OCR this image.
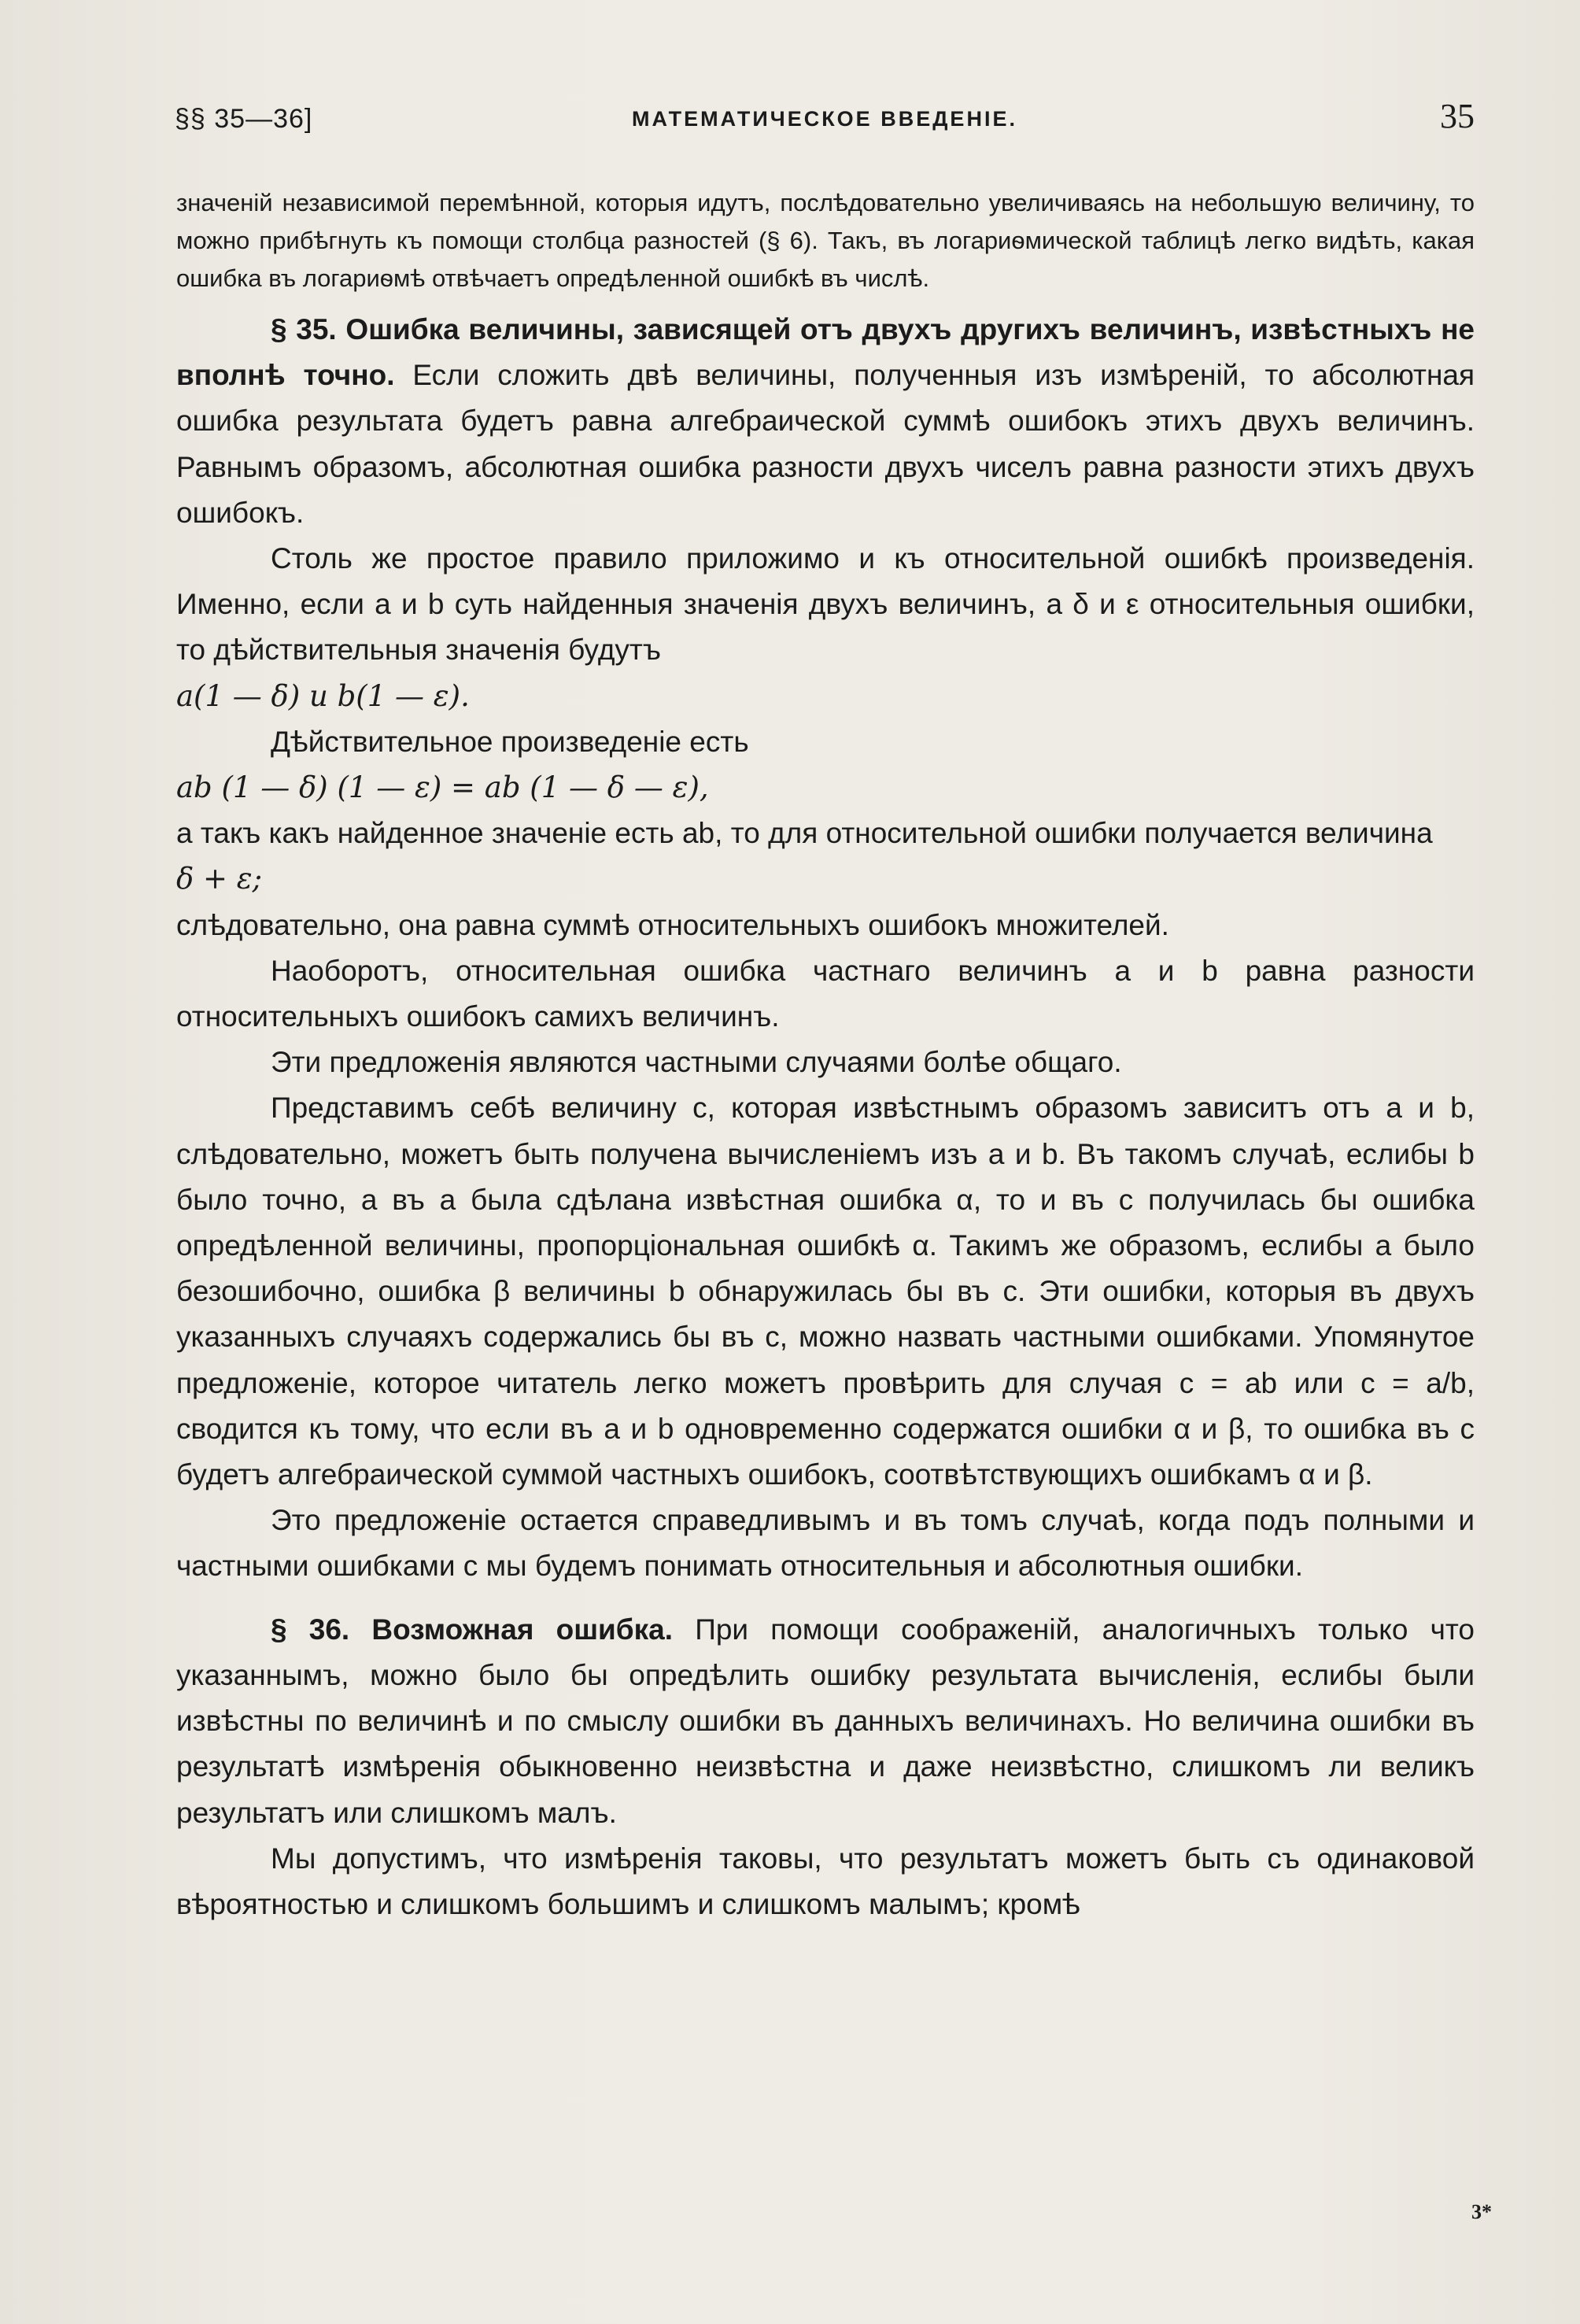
§§ 35—36]	МАТЕМАТИЧЕСКОЕ ВВЕДЕНІЕ.	35

значеній независимой перемѣнной, которыя идутъ, послѣдовательно увеличиваясь на небольшую величину, то можно прибѣгнуть къ помощи столбца разностей (§ 6). Такъ, въ логариѳмической таблицѣ легко видѣть, какая ошибка въ логариѳмѣ отвѣчаетъ опредѣленной ошибкѣ въ числѣ.

§ 35. Ошибка величины, зависящей отъ двухъ другихъ величинъ, извѣстныхъ не вполнѣ точно. Если сложить двѣ величины, полученныя изъ измѣреній, то абсолютная ошибка результата будетъ равна алгебраической суммѣ ошибокъ этихъ двухъ величинъ. Равнымъ образомъ, абсолютная ошибка разности двухъ чиселъ равна разности этихъ двухъ ошибокъ.

Столь же простое правило приложимо и къ относительной ошибкѣ произведенія. Именно, если a и b суть найденныя значенія двухъ величинъ, а δ и ε относительныя ошибки, то дѣйствительныя значенія будутъ

a(1 — δ) и b(1 — ε).

Дѣйствительное произведеніе есть

ab (1 — δ) (1 — ε) = ab (1 — δ — ε),

а такъ какъ найденное значеніе есть ab, то для относительной ошибки получается величина

δ + ε;

слѣдовательно, она равна суммѣ относительныхъ ошибокъ множителей.

Наоборотъ, относительная ошибка частнаго величинъ a и b равна разности относительныхъ ошибокъ самихъ величинъ.

Эти предложенія являются частными случаями болѣе общаго.

Представимъ себѣ величину c, которая извѣстнымъ образомъ зависитъ отъ a и b, слѣдовательно, можетъ быть получена вычисленіемъ изъ a и b. Въ такомъ случаѣ, еслибы b было точно, а въ a была сдѣлана извѣстная ошибка α, то и въ c получилась бы ошибка опредѣленной величины, пропорціональная ошибкѣ α. Такимъ же образомъ, еслибы a было безошибочно, ошибка β величины b обнаружилась бы въ c. Эти ошибки, которыя въ двухъ указанныхъ случаяхъ содержались бы въ c, можно назвать частными ошибками. Упомянутое предложеніе, которое читатель легко можетъ провѣрить для случая c = ab или c = a/b, сводится къ тому, что если въ a и b одновременно содержатся ошибки α и β, то ошибка въ c будетъ алгебраической суммой частныхъ ошибокъ, соотвѣтствующихъ ошибкамъ α и β.

Это предложеніе остается справедливымъ и въ томъ случаѣ, когда подъ полными и частными ошибками c мы будемъ понимать относительныя и абсолютныя ошибки.

§ 36. Возможная ошибка. При помощи соображеній, аналогичныхъ только что указаннымъ, можно было бы опредѣлить ошибку результата вычисленія, еслибы были извѣстны по величинѣ и по смыслу ошибки въ данныхъ величинахъ. Но величина ошибки въ результатѣ измѣренія обыкновенно неизвѣстна и даже неизвѣстно, слишкомъ ли великъ результатъ или слишкомъ малъ.

Мы допустимъ, что измѣренія таковы, что результатъ можетъ быть съ одинаковой вѣроятностью и слишкомъ большимъ и слишкомъ малымъ; кромѣ

3*
